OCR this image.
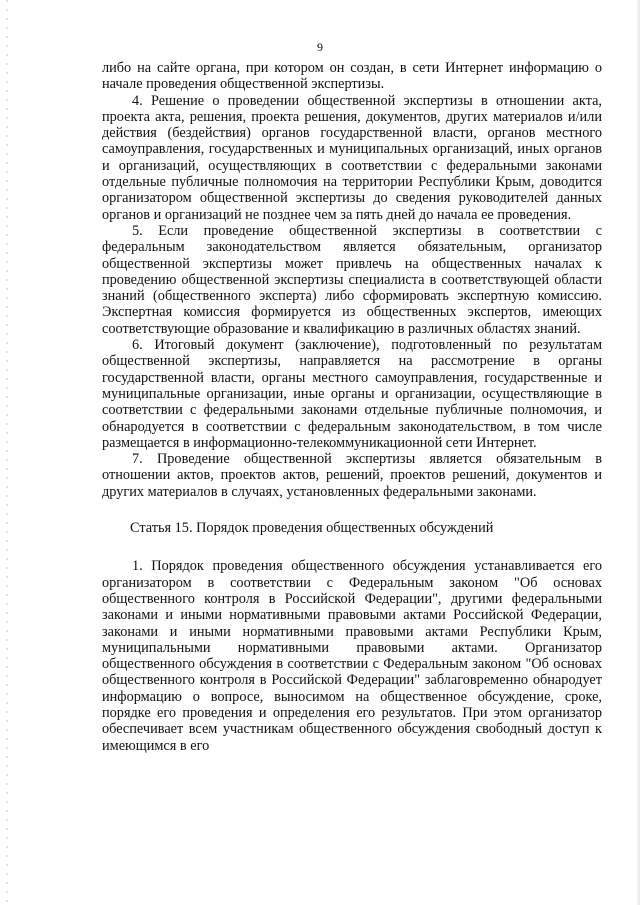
9

либо на сайте органа, при котором он создан, в сети Интернет информацию о начале проведения общественной экспертизы.

4. Решение о проведении общественной экспертизы в отношении акта, проекта акта, решения, проекта решения, документов, других материалов и/или действия (бездействия) органов государственной власти, органов местного самоуправления, государственных и муниципальных организаций, иных органов и организаций, осуществляющих в соответствии с федеральными законами отдельные публичные полномочия на территории Республики Крым, доводится организатором общественной экспертизы до сведения руководителей данных органов и организаций не позднее чем за пять дней до начала ее проведения.

5. Если проведение общественной экспертизы в соответствии с федеральным законодательством является обязательным, организатор общественной экспертизы может привлечь на общественных началах к проведению общественной экспертизы специалиста в соответствующей области знаний (общественного эксперта) либо сформировать экспертную комиссию. Экспертная комиссия формируется из общественных экспертов, имеющих соответствующие образование и квалификацию в различных областях знаний.

6. Итоговый документ (заключение), подготовленный по результатам общественной экспертизы, направляется на рассмотрение в органы государственной власти, органы местного самоуправления, государственные и муниципальные организации, иные органы и организации, осуществляющие в соответствии с федеральными законами отдельные публичные полномочия, и обнародуется в соответствии с федеральным законодательством, в том числе размещается в информационно-телекоммуникационной сети Интернет.

7. Проведение общественной экспертизы является обязательным в отношении актов, проектов актов, решений, проектов решений, документов и других материалов в случаях, установленных федеральными законами.

Статья 15. Порядок проведения общественных обсуждений

1. Порядок проведения общественного обсуждения устанавливается его организатором в соответствии с Федеральным законом "Об основах общественного контроля в Российской Федерации", другими федеральными законами и иными нормативными правовыми актами Российской Федерации, законами и иными нормативными правовыми актами Республики Крым, муниципальными нормативными правовыми актами. Организатор общественного обсуждения в соответствии с Федеральным законом "Об основах общественного контроля в Российской Федерации" заблаговременно обнародует информацию о вопросе, выносимом на общественное обсуждение, сроке, порядке его проведения и определения его результатов. При этом организатор обеспечивает всем участникам общественного обсуждения свободный доступ к имеющимся в его
